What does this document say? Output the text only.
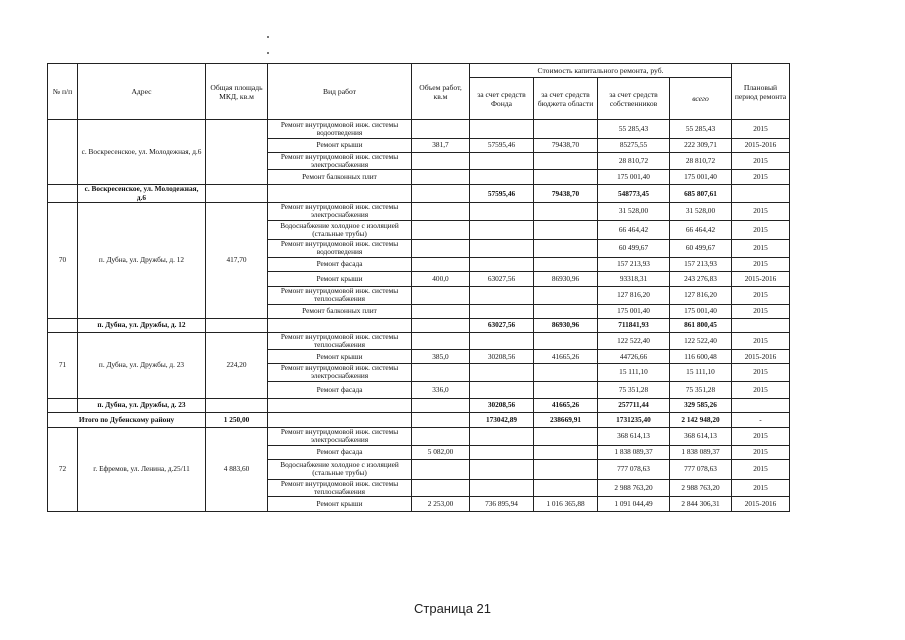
№ п/п	Адрес	Общая площадь МКД, кв.м	Вид работ	Объем работ, кв.м	Стоимость капитального ремонта, руб.				Плановый период ремонта
					за счет средств Фонда	за счет средств бюджета области	за счет средств собственников	всего	
	с. Воскресенское, ул. Молодежная, д.6		Ремонт внутридомовой инж. системы водоотведения				55 285,43	55 285,43	2015
			Ремонт крыши	381,7	57595,46	79438,70	85275,55	222 309,71	2015-2016
			Ремонт внутридомовой инж. системы электроснабжения				28 810,72	28 810,72	2015
			Ремонт балконных плит				175 001,40	175 001,40	2015
	с. Воскресенское, ул. Молодежная, д.6				57595,46	79438,70	548773,45	685 807,61	
70	п. Дубна, ул. Дружбы, д. 12	417,70	Ремонт внутридомовой инж. системы электроснабжения				31 528,00	31 528,00	2015
			Водоснабжение холодное с изоляцией (стальные трубы)				66 464,42	66 464,42	2015
			Ремонт внутридомовой инж. системы водоотведения				60 499,67	60 499,67	2015
			Ремонт фасада				157 213,93	157 213,93	2015
			Ремонт крыши	400,0	63027,56	86930,96	93318,31	243 276,83	2015-2016
			Ремонт внутридомовой инж. системы теплоснабжения				127 816,20	127 816,20	2015
			Ремонт балконных плит				175 001,40	175 001,40	2015
	п. Дубна, ул. Дружбы, д. 12				63027,56	86930,96	711841,93	861 800,45	
71	п. Дубна, ул. Дружбы, д. 23	224,20	Ремонт внутридомовой инж. системы теплоснабжения				122 522,40	122 522,40	2015
			Ремонт крыши	385,0	30208,56	41665,26	44726,66	116 600,48	2015-2016
			Ремонт внутридомовой инж. системы электроснабжения				15 111,10	15 111,10	2015
			Ремонт фасада	336,0			75 351,28	75 351,28	2015
	п. Дубна, ул. Дружбы, д. 23				30208,56	41665,26	257711,44	329 585,26	
Итого по Дубенскому району		1 250,00			173042,89	238669,91	1731235,40	2 142 948,20	-
72	г. Ефремов, ул. Ленина, д.25/11	4 883,60	Ремонт внутридомовой инж. системы электроснабжения				368 614,13	368 614,13	2015
			Ремонт фасада	5 082,00			1 838 089,37	1 838 089,37	2015
			Водоснабжение холодное с изоляцией (стальные трубы)				777 078,63	777 078,63	2015
			Ремонт внутридомовой инж. системы теплоснабжения				2 988 763,20	2 988 763,20	2015
			Ремонт крыши	2 253,00	736 895,94	1 016 365,88	1 091 044,49	2 844 306,31	2015-2016
Страница 21
